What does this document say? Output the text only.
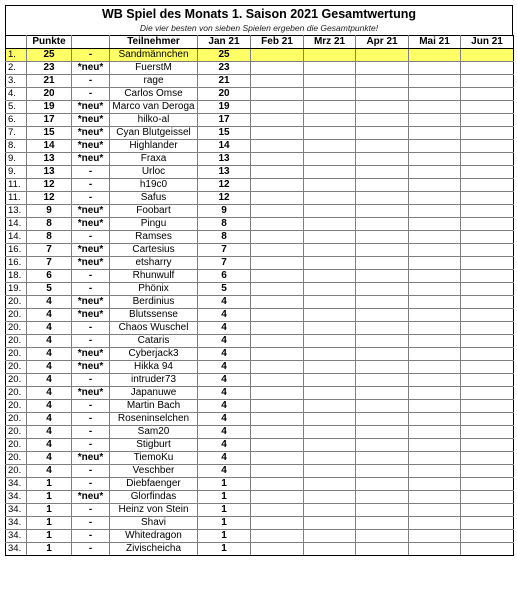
WB Spiel des Monats 1. Saison 2021 Gesamtwertung
Die vier besten von sieben Spielen ergeben die Gesamtpunkte!
	Punkte		Teilnehmer	Jan 21	Feb 21	Mrz 21	Apr 21	Mai 21	Jun 21
1.	25	-	Sandmännchen	25					
2.	23	*neu*	FuerstM	23					
3.	21	-	rage	21					
4.	20	-	Carlos Omse	20					
5.	19	*neu*	Marco van Deroga	19					
6.	17	*neu*	hilko-al	17					
7.	15	*neu*	Cyan Blutgeissel	15					
8.	14	*neu*	Highlander	14					
9.	13	*neu*	Fraxa	13					
9.	13	-	Urloc	13					
11.	12	-	h19c0	12					
11.	12	-	Safus	12					
13.	9	*neu*	Foobart	9					
14.	8	*neu*	Pingu	8					
14.	8	-	Ramses	8					
16.	7	*neu*	Cartesius	7					
16.	7	*neu*	etsharry	7					
18.	6	-	Rhunwulf	6					
19.	5	-	Phönix	5					
20.	4	*neu*	Berdinius	4					
20.	4	*neu*	Blutssense	4					
20.	4	-	Chaos Wuschel	4					
20.	4	-	Cataris	4					
20.	4	*neu*	Cyberjack3	4					
20.	4	*neu*	Hikka 94	4					
20.	4	-	intruder73	4					
20.	4	*neu*	Japanuwe	4					
20.	4	-	Martin Bach	4					
20.	4	-	Roseninselchen	4					
20.	4	-	Sam20	4					
20.	4	-	Stigburt	4					
20.	4	*neu*	TiemoKu	4					
20.	4	-	Veschber	4					
34.	1	-	Diebfaenger	1					
34.	1	*neu*	Glorfindas	1					
34.	1	-	Heinz von Stein	1					
34.	1	-	Shavi	1					
34.	1	-	Whitedragon	1					
34.	1	-	Zivischeicha	1					
